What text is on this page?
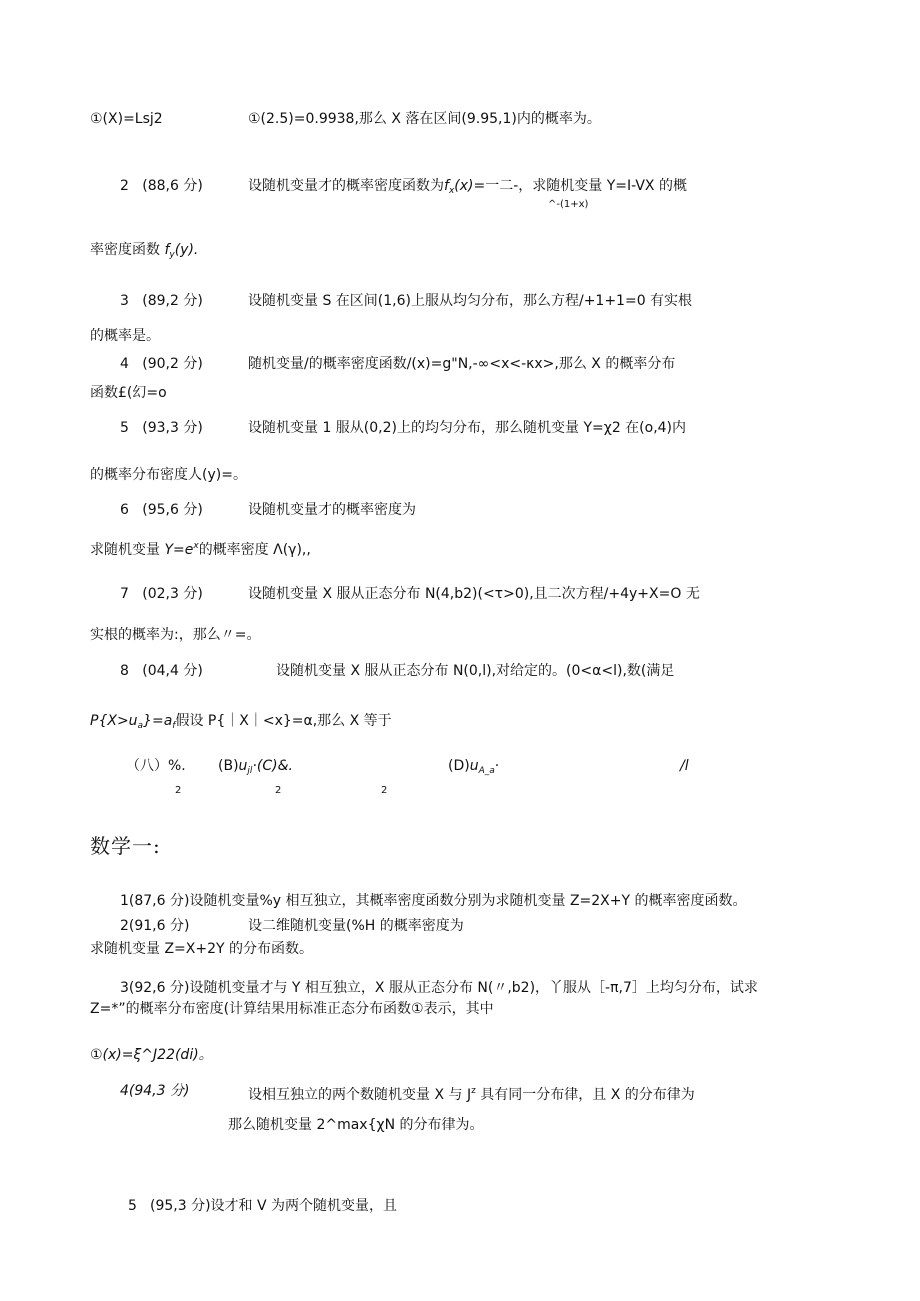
①(X)=Lsj2	①(2.5)=0.9938,那么 X 落在区间(9.95,1)内的概率为。
2 (88,6 分)	设随机变量才的概率密度函数为$f_x(x)=$一二-，求随机变量 Y=I-VX 的概
^-(1+x)
率密度函数 $f_y(y)$.
3 (89,2 分)	设随机变量 S 在区间(1,6)上服从均匀分布，那么方程/+1+1=0 有实根
的概率是。
4 (90,2 分)	随机变量/的概率密度函数/(x)=g"N,-∞<x<-κx>,那么 X 的概率分布
函数£(幻=o
5 (93,3 分)	设随机变量 1 服从(0,2)上的均匀分布，那么随机变量 Y=χ2 在(o,4)内
的概率分布密度人(y)=。
6 (95,6 分)	设随机变量才的概率密度为
求随机变量 $Y=e^x$的概率密度 Λ(γ),,
7 (02,3 分)	设随机变量 X 服从正态分布 N(4,b2)(<τ>0),且二次方程/+4y+X=O 无
实根的概率为:，那么〃=。
8 (04,4 分)	设随机变量 X 服从正态分布 N(0,l),对给定的。(0<α<l),数(满足
$P\{X>u_a\}=a_f$假设 P{｜X｜<x}=α,那么 X 等于
（八）%. $(B)u_{jl}\cdot(C)\&$.	$(D)u_{A\_a}\cdot$	/l
2	2	2
数学一:
1(87,6 分)设随机变量%y 相互独立，其概率密度函数分别为求随机变量 Z=2X+Y 的概率密度函数。
2(91,6 分)	设二维随机变量(%H 的概率密度为
求随机变量 Z=X+2Y 的分布函数。
3(92,6 分)设随机变量才与 Y 相互独立，X 服从正态分布 N(〃,b2)，丫服从［-π,7］上均匀分布，试求
Z=*”的概率分布密度(计算结果用标准正态分布函数①表示，其中
①(x)=ξ^J22(di)。
4(94,3 分)	设相互独立的两个数随机变量 X 与 $J^z$ 具有同一分布律，且 X 的分布律为
那么随机变量 2^max{χN 的分布律为。
5 (95,3 分)设才和 V 为两个随机变量，且
